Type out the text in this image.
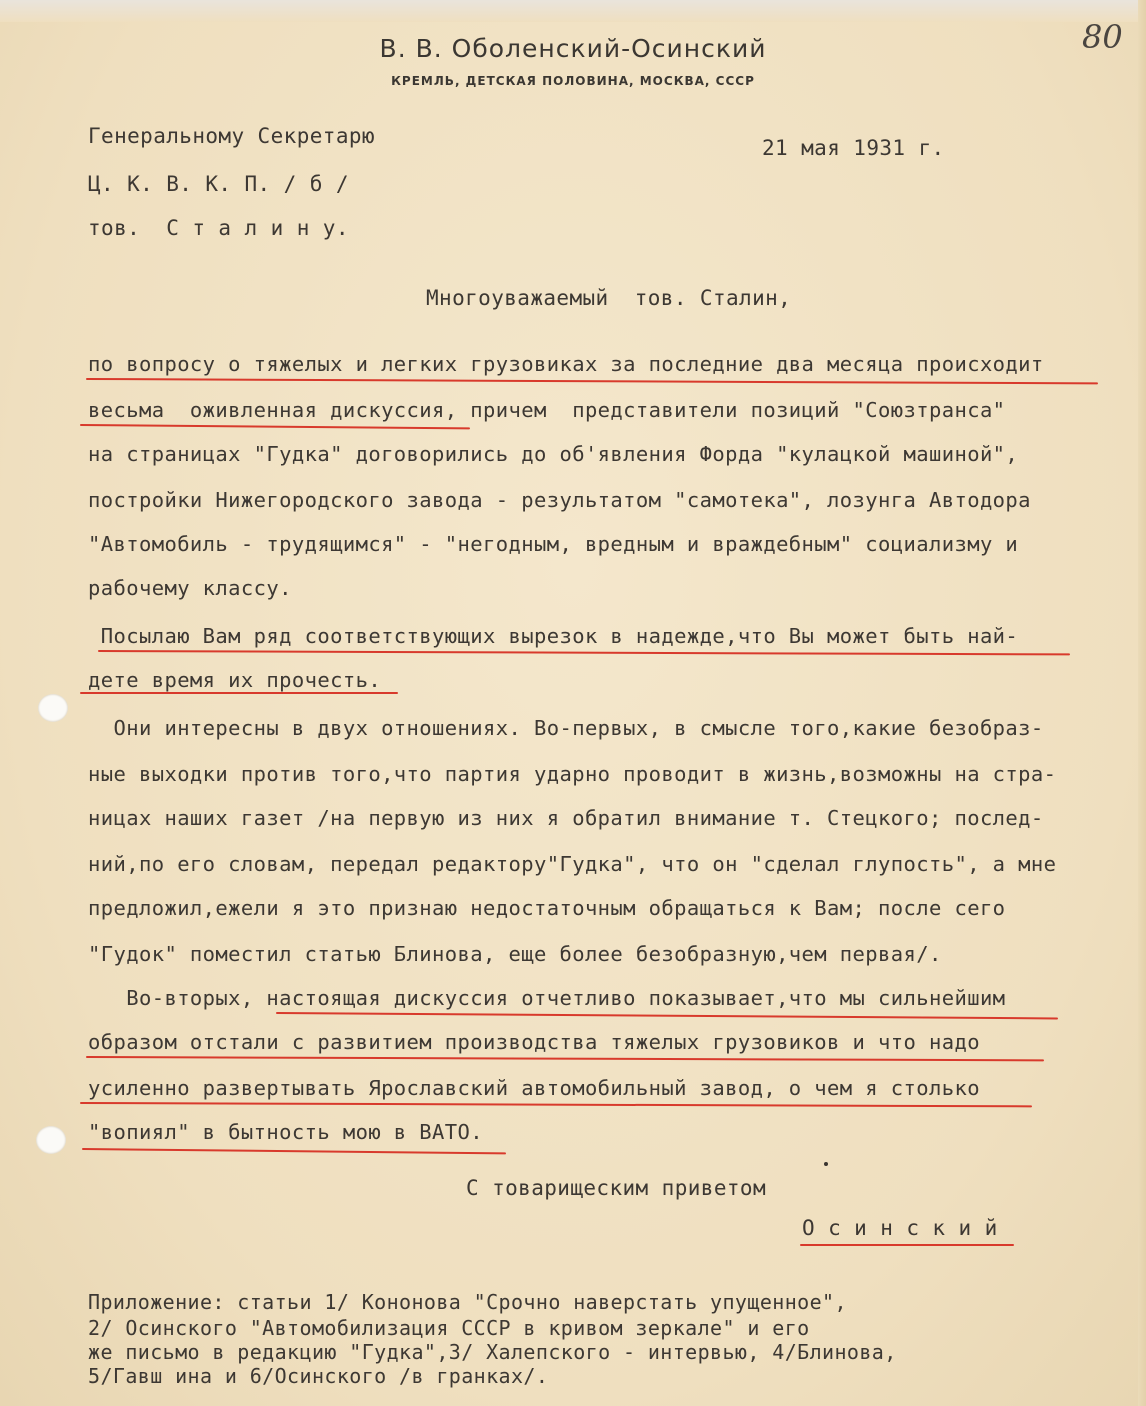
80
В. В. Оболенский-Осинский
КРЕМЛЬ, ДЕТСКАЯ ПОЛОВИНА, МОСКВА, СССР
Генеральному Секретарю
Ц. К. В. К. П. / б /
тов.  С т а л и н у.
21 мая 1931 г.
Многоуважаемый  тов. Сталин,
по вопросу о тяжелых и легких грузовиках за последние два месяца происходит
весьма  оживленная дискуссия, причем  представители позиций "Союзтранса"
на страницах "Гудка" договорились до об'явления Форда "кулацкой машиной",
постройки Нижегородского завода - результатом "самотека", лозунга Автодора
"Автомобиль - трудящимся" - "негодным, вредным и враждебным" социализму и
рабочему классу.
Посылаю Вам ряд соответствующих вырезок в надежде,что Вы может быть най-
дете время их прочесть.
Они интересны в двух отношениях. Во-первых, в смысле того,какие безобраз-
ные выходки против того,что партия ударно проводит в жизнь,возможны на стра-
ницах наших газет /на первую из них я обратил внимание т. Стецкого; послед-
ний,по его словам, передал редактору"Гудка", что он "сделал глупость", а мне
предложил,ежели я это признаю недостаточным обращаться к Вам; после сего
"Гудок" поместил статью Блинова, еще более безобразную,чем первая/.
Во-вторых, настоящая дискуссия отчетливо показывает,что мы сильнейшим
образом отстали с развитием производства тяжелых грузовиков и что надо
усиленно развертывать Ярославский автомобильный завод, о чем я столько
"вопиял" в бытность мою в ВАТО.
С товарищеским приветом
О с и н с к и й
Приложение: статьи 1/ Кононова "Срочно наверстать упущенное",
2/ Осинского "Автомобилизация СССР в кривом зеркале" и его
же письмо в редакцию "Гудка",3/ Халепского - интервью, 4/Блинова,
5/Гавш ина и 6/Осинского /в гранках/.
